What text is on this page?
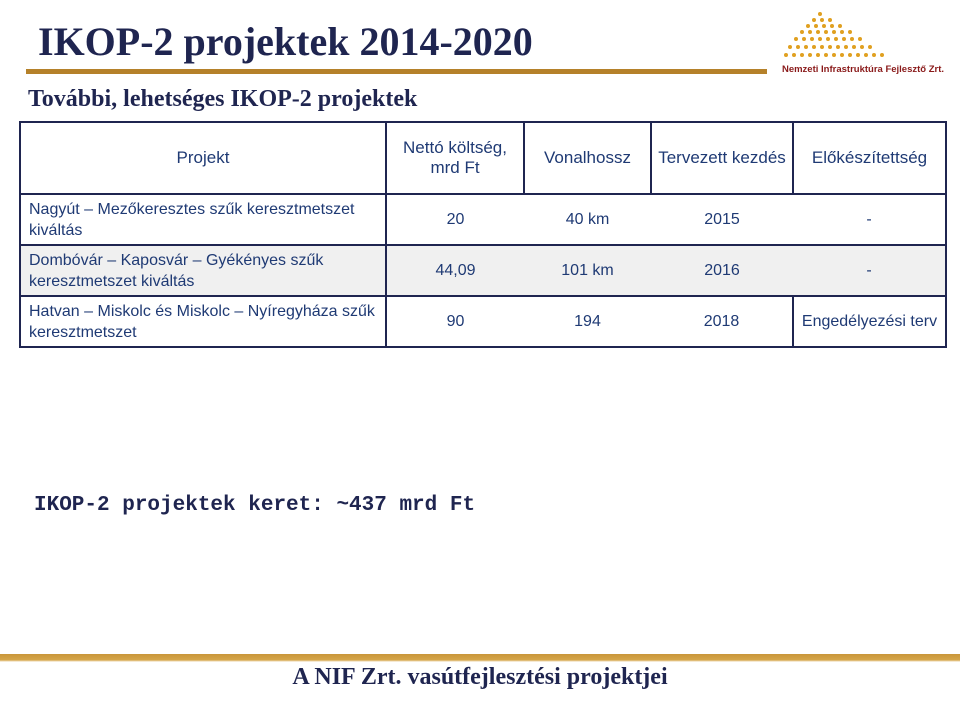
IKOP-2 projektek 2014-2020
Nemzeti Infrastruktúra Fejlesztő Zrt.
További, lehetséges IKOP-2 projektek
Projekt	Nettó költség, mrd Ft	Vonalhossz	Tervezett kezdés	Előkészítettség
Nagyút – Mezőkeresztes szűk keresztmetszet kiváltás	20	40 km	2015	-
Dombóvár – Kaposvár – Gyékényes szűk keresztmetszet kiváltás	44,09	101 km	2016	-
Hatvan – Miskolc és Miskolc – Nyíregyháza szűk keresztmetszet	90	194	2018	Engedélyezési terv
IKOP-2 projektek keret: ~437 mrd Ft
A NIF Zrt. vasútfejlesztési projektjei
